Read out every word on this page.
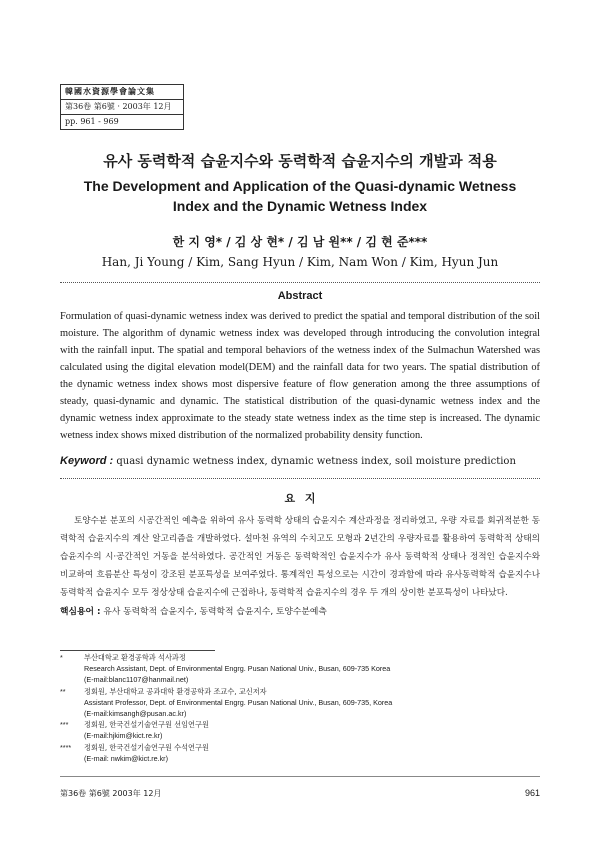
韓國水資源學會論文集
第36卷 第6號 · 2003年 12月
pp. 961 - 969
유사 동력학적 습윤지수와 동력학적 습윤지수의 개발과 적용
The Development and Application of the Quasi-dynamic Wetness
Index and the Dynamic Wetness Index
한 지 영* / 김 상 현* / 김 남 원** / 김 현 준***
Han, Ji Young / Kim, Sang Hyun / Kim, Nam Won / Kim, Hyun Jun
Abstract

Formulation of quasi-dynamic wetness index was derived to predict the spatial and temporal distribution of the soil moisture. The algorithm of dynamic wetness index was developed through introducing the convolution integral with the rainfall input. The spatial and temporal behaviors of the wetness index of the Sulmachun Watershed was calculated using the digital elevation model(DEM) and the rainfall data for two years. The spatial distribution of the dynamic wetness index shows most dispersive feature of flow generation among the three assumptions of steady, quasi-dynamic and dynamic. The statistical distribution of the quasi-dynamic wetness index and the dynamic wetness index approximate to the steady state wetness index as the time step is increased. The dynamic wetness index shows mixed distribution of the normalized probability density function.

Keyword : quasi dynamic wetness index, dynamic wetness index, soil moisture prediction
요 지

토양수분 분포의 시공간적인 예측을 위하여 유사 동력학 상태의 습윤지수 계산과정을 정리하였고, 우량 자료를 회귀적분한 동력학적 습윤지수의 계산 알고리즘을 개발하였다. 설마천 유역의 수치고도 모형과 2년간의 우량자료를 활용하여 동력학적 상태의 습윤지수의 시·공간적인 거동을 분석하였다. 공간적인 거동은 동력학적인 습윤지수가 유사 동력학적 상태나 정적인 습윤지수와 비교하여 흐름분산 특성이 강조된 분포특성을 보여주었다. 통계적인 특성으로는 시간이 경과함에 따라 유사동력학적 습윤지수나 동력학적 습윤지수 모두 정상상태 습윤지수에 근접하나, 동력학적 습윤지수의 경우 두 개의 상이한 분포특성이 나타났다.

핵심용어 : 유사 동력학적 습윤지수, 동력학적 습윤지수, 토양수분예측
*	부산대학교 환경공학과 석사과정
Research Assistant, Dept. of Environmental Engrg. Pusan National Univ., Busan, 609-735 Korea
(E-mail:blanc1107@hanmail.net)
**	정회원, 부산대학교 공과대학 환경공학과 조교수, 교신저자
Assistant Professor, Dept. of Environmental Engrg. Pusan National Univ., Busan, 609-735, Korea
(E-mail:kimsangh@pusan.ac.kr)
***	정회원, 한국건설기술연구원 선임연구원
(E-mail:hjkim@kict.re.kr)
****	정회원, 한국건설기술연구원 수석연구원
(E-mail: nwkim@kict.re.kr)
第36卷 第6號 2003年 12月	961
